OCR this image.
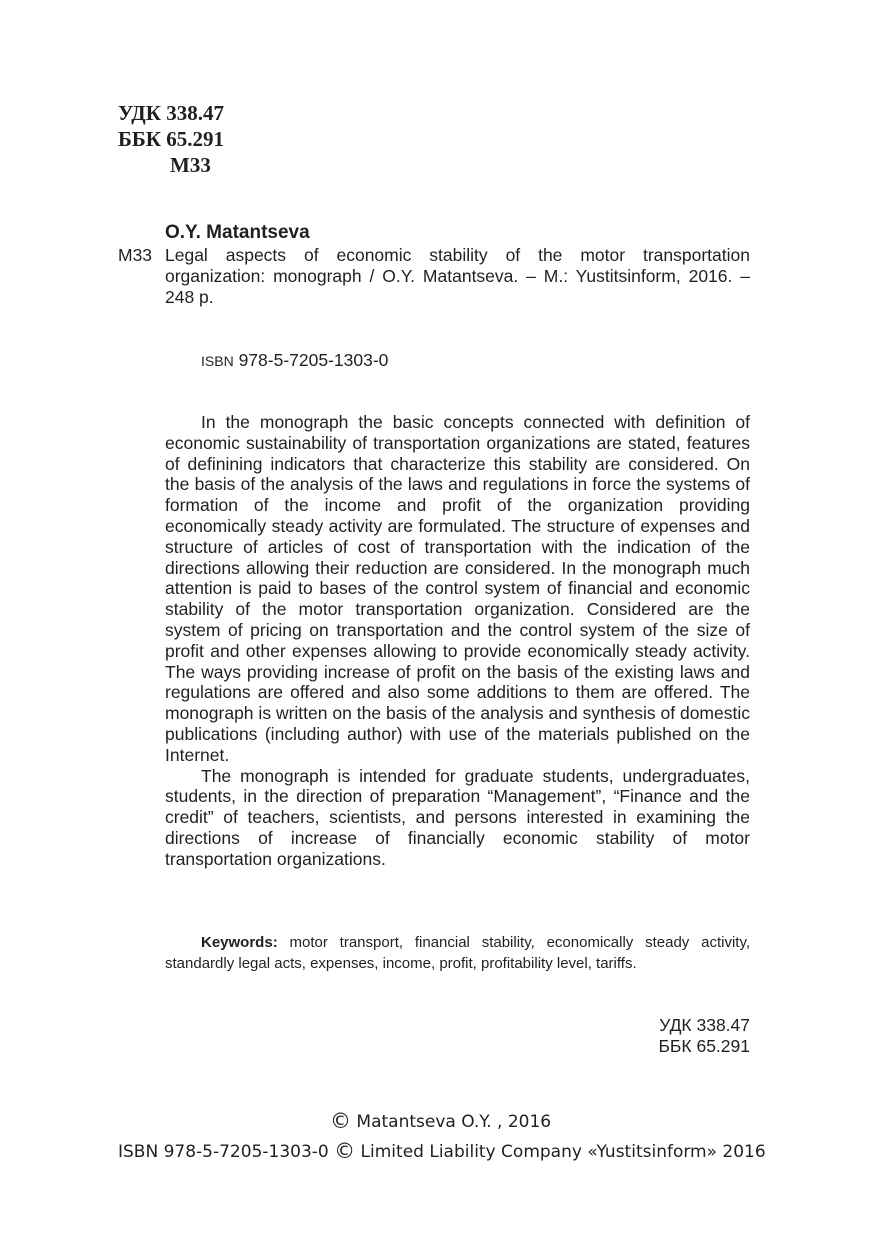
УДК 338.47
ББК 65.291
М33
O.Y. Matantseva
M33 Legal aspects of economic stability of the motor transportation organization: monograph / O.Y. Matantseva. – M.: Yustitsinform, 2016. – 248 p.
ISBN 978-5-7205-1303-0

In the monograph the basic concepts connected with definition of economic sustainability of transportation organizations are stated, features of definining indicators that characterize this stability are considered. On the basis of the analysis of the laws and regulations in force the systems of formation of the income and profit of the organization providing economically steady activity are formulated. The structure of expenses and structure of articles of cost of transportation with the indication of the directions allowing their reduction are considered. In the monograph much attention is paid to bases of the control system of financial and economic stability of the motor transportation organization. Considered are the system of pricing on transportation and the control system of the size of profit and other expenses allowing to provide economically steady activity. The ways providing increase of profit on the basis of the existing laws and regulations are offered and also some additions to them are offered. The monograph is written on the basis of the analysis and synthesis of domestic publications (including author) with use of the materials published on the Internet.

The monograph is intended for graduate students, undergraduates, students, in the direction of preparation “Management”, “Finance and the credit” of teachers, scientists, and persons interested in examining the directions of increase of financially economic stability of motor transportation organizations.

Keywords: motor transport, financial stability, economically steady activity, standardly legal acts, expenses, income, profit, profitability level, tariffs.
УДК 338.47
ББК 65.291
© Matantseva O.Y. , 2016
ISBN 978-5-7205-1303-0 © Limited Liability Company «Yustitsinform» 2016
